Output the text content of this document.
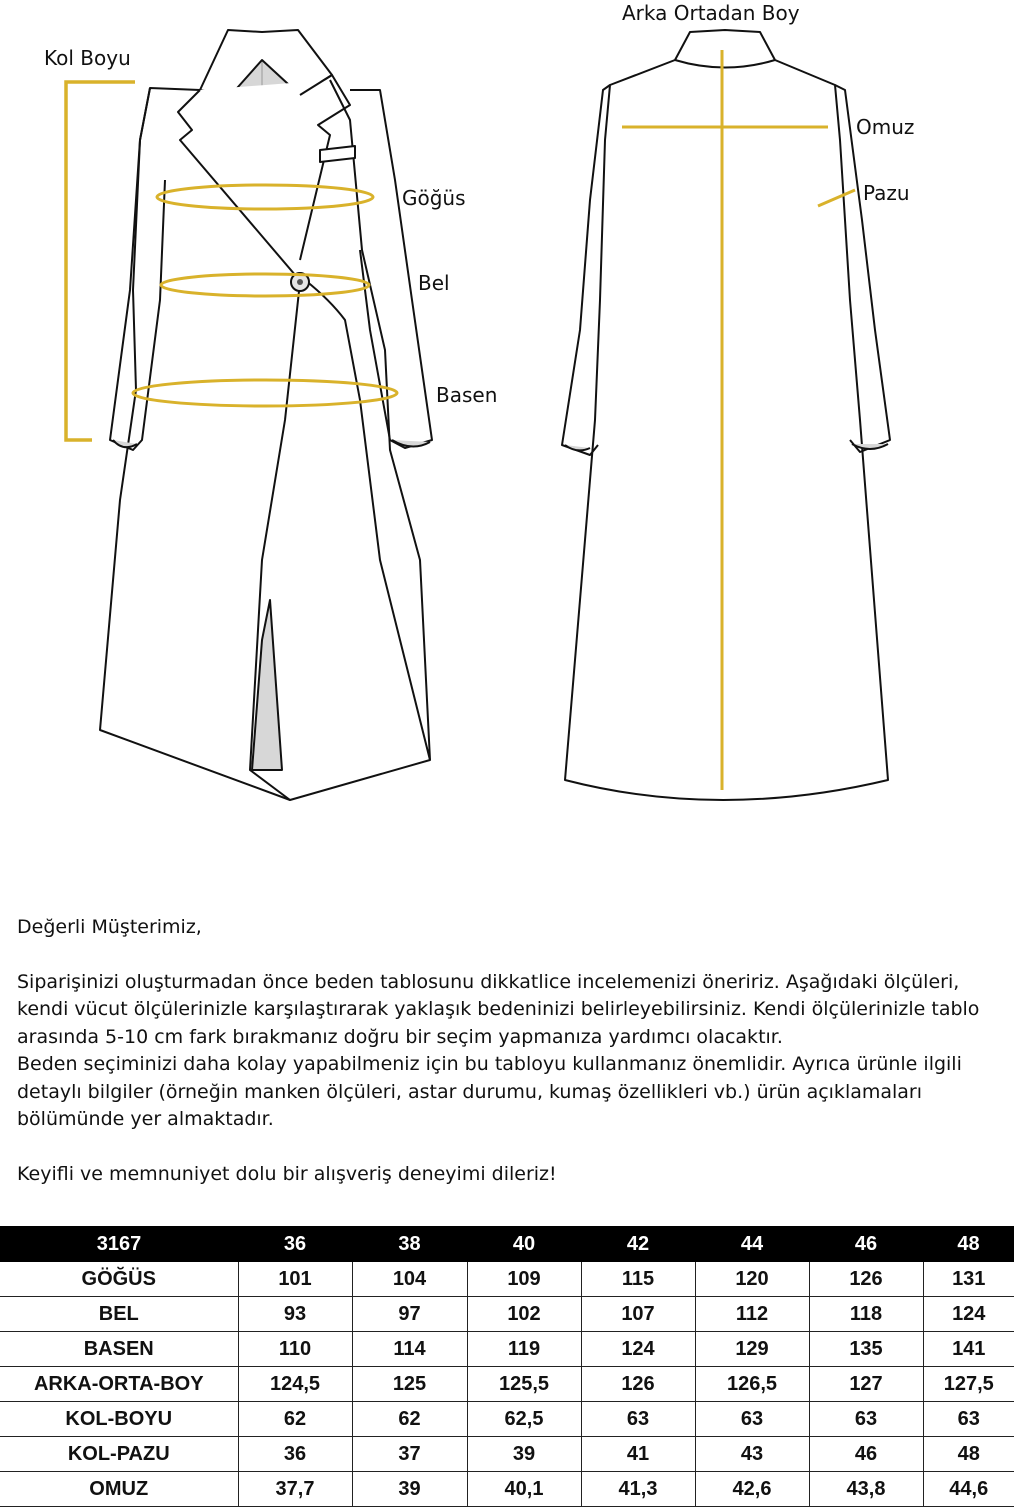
Kol Boyu
Göğüs
Bel
Basen
Arka Ortadan Boy
Omuz
Pazu

Değerli Müşterimiz,

Siparişinizi oluşturmadan önce beden tablosunu dikkatlice incelemenizi öneririz. Aşağıdaki ölçüleri, kendi vücut ölçülerinizle karşılaştırarak yaklaşık bedeninizi belirleyebilirsiniz. Kendi ölçülerinizle tablo arasında 5-10 cm fark bırakmanız doğru bir seçim yapmanıza yardımcı olacaktır.

Beden seçiminizi daha kolay yapabilmeniz için bu tabloyu kullanmanız önemlidir. Ayrıca ürünle ilgili detaylı bilgiler (örneğin manken ölçüleri, astar durumu, kumaş özellikleri vb.) ürün açıklamaları bölümünde yer almaktadır.

Keyifli ve memnuniyet dolu bir alışveriş deneyimi dileriz!

3167	36	38	40	42	44	46	48
GÖĞÜS	101	104	109	115	120	126	131
BEL	93	97	102	107	112	118	124
BASEN	110	114	119	124	129	135	141
ARKA-ORTA-BOY	124,5	125	125,5	126	126,5	127	127,5
KOL-BOYU	62	62	62,5	63	63	63	63
KOL-PAZU	36	37	39	41	43	46	48
OMUZ	37,7	39	40,1	41,3	42,6	43,8	44,6
